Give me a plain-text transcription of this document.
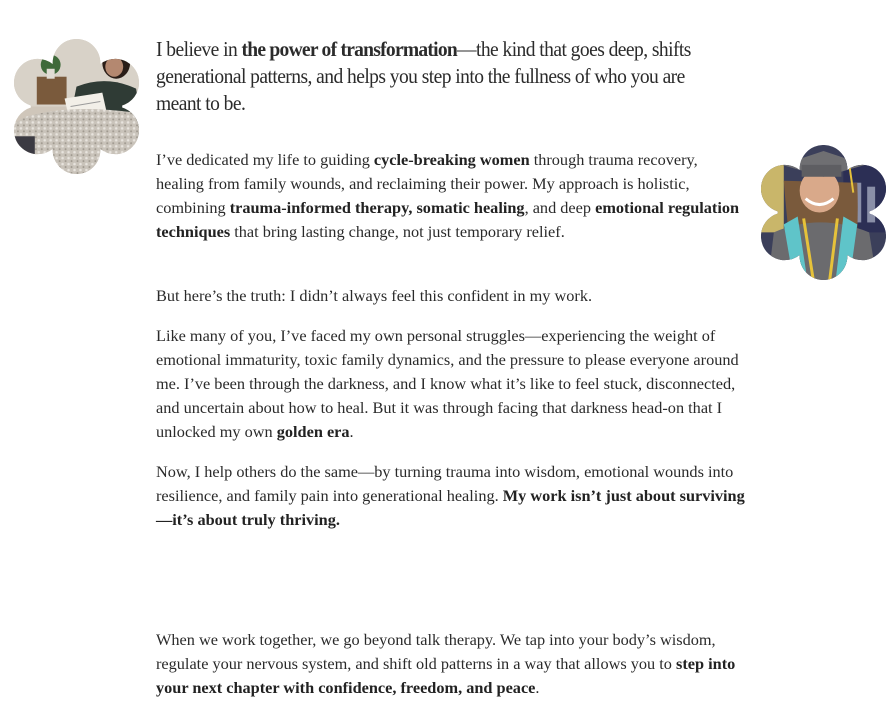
I believe in the power of transformation—the kind that goes deep, shifts generational patterns, and helps you step into the fullness of who you are meant to be.

I’ve dedicated my life to guiding cycle-breaking women through trauma recovery, healing from family wounds, and reclaiming their power. My approach is holistic, combining trauma-informed therapy, somatic healing, and deep emotional regulation techniques that bring lasting change, not just temporary relief.

But here’s the truth: I didn’t always feel this confident in my work.

Like many of you, I’ve faced my own personal struggles—experiencing the weight of emotional immaturity, toxic family dynamics, and the pressure to please everyone around me. I’ve been through the darkness, and I know what it’s like to feel stuck, disconnected, and uncertain about how to heal. But it was through facing that darkness head-on that I unlocked my own golden era.

Now, I help others do the same—by turning trauma into wisdom, emotional wounds into resilience, and family pain into generational healing. My work isn’t just about surviving—it’s about truly thriving.

When we work together, we go beyond talk therapy. We tap into your body’s wisdom, regulate your nervous system, and shift old patterns in a way that allows you to step into your next chapter with confidence, freedom, and peace.
